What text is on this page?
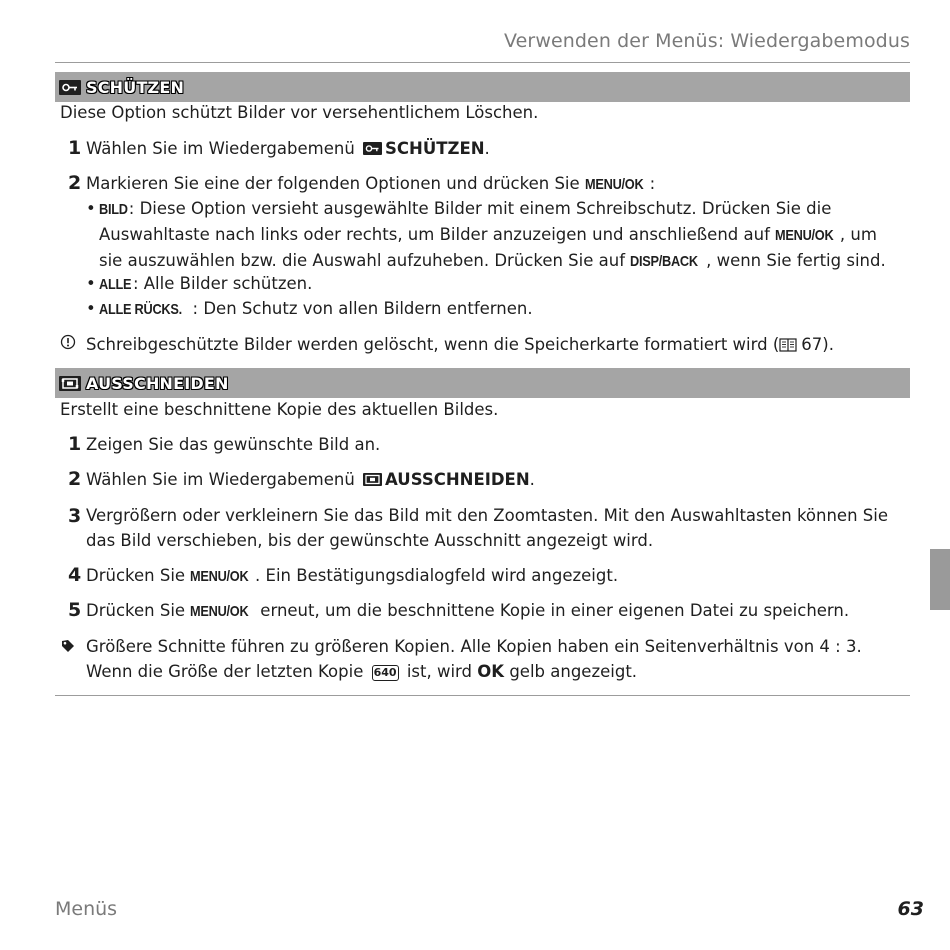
Verwenden der Menüs: Wiedergabemodus
SCHÜTZEN
Diese Option schützt Bilder vor versehentlichem Löschen.
1 Wählen Sie im Wiedergabemenü SCHÜTZEN.
2 Markieren Sie eine der folgenden Optionen und drücken Sie MENU/OK :
• BILD: Diese Option versieht ausgewählte Bilder mit einem Schreibschutz. Drücken Sie die
Auswahltaste nach links oder rechts, um Bilder anzuzeigen und anschließend auf MENU/OK , um
sie auszuwählen bzw. die Auswahl aufzuheben. Drücken Sie auf DISP/BACK , wenn Sie fertig sind.
• ALLE : Alle Bilder schützen.
• ALLE RÜCKS. : Den Schutz von allen Bildern entfernen.
Schreibgeschützte Bilder werden gelöscht, wenn die Speicherkarte formatiert wird ( 67).
AUSSCHNEIDEN
Erstellt eine beschnittene Kopie des aktuellen Bildes.
1 Zeigen Sie das gewünschte Bild an.
2 Wählen Sie im Wiedergabemenü AUSSCHNEIDEN.
3 Vergrößern oder verkleinern Sie das Bild mit den Zoomtasten. Mit den Auswahltasten können Sie
das Bild verschieben, bis der gewünschte Ausschnitt angezeigt wird.
4 Drücken Sie MENU/OK . Ein Bestätigungsdialogfeld wird angezeigt.
5 Drücken Sie MENU/OK erneut, um die beschnittene Kopie in einer eigenen Datei zu speichern.
Größere Schnitte führen zu größeren Kopien. Alle Kopien haben ein Seitenverhältnis von 4 : 3.
Wenn die Größe der letzten Kopie 640 ist, wird OK gelb angezeigt.
Menüs	63
